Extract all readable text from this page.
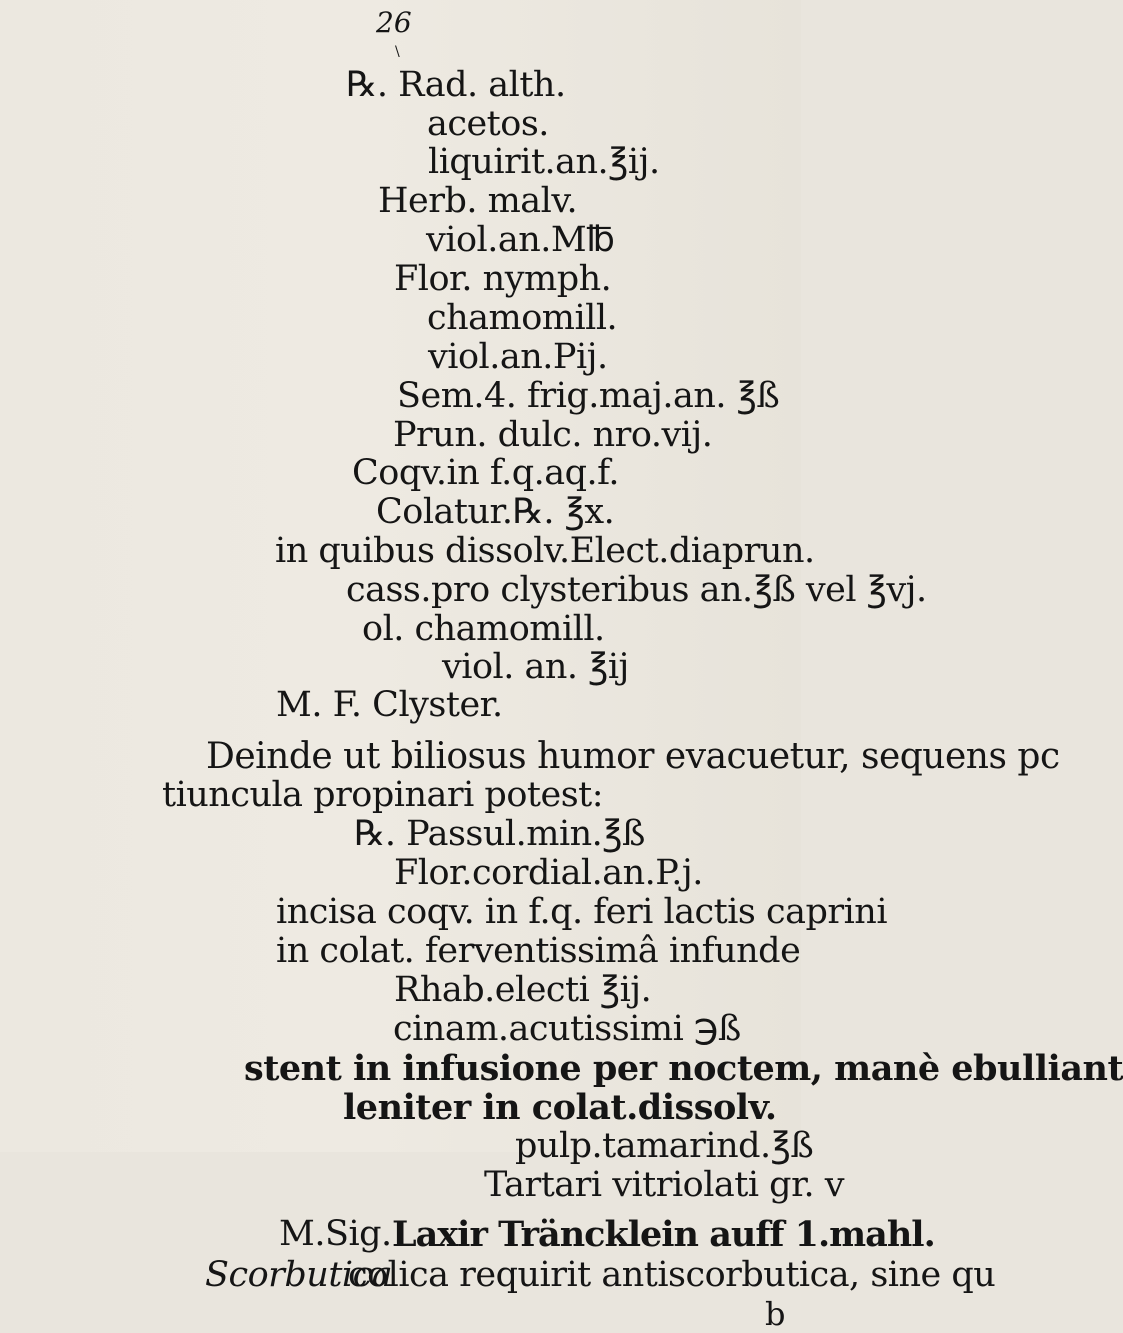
26
\
℞. Rad. alth.
acetos.
liquirit.an.℥ij.
Herb. malv.
viol.an.M℔
Flor. nymph.
chamomill.
viol.an.Pij.
Sem.4. frig.maj.an. ℥ß
Prun. dulc. nro.vij.
Coqv.in f.q.aq.f.
Colatur.℞. ℥x.
in quibus dissolv.Elect.diaprun.
cass.pro clysteribus an.℥ß vel ℥vj.
ol. chamomill.
viol. an. ℥ij
M. F. Clyster.
Deinde ut biliosus humor evacuetur, sequens pc
tiuncula propinari potest:
℞. Passul.min.℥ß
Flor.cordial.an.P.j.
incisa coqv. in f.q. feri lactis caprini
in colat. ferventissimâ infunde
Rhab.electi ℥ij.
cinam.acutissimi ℈ß
stent in infusione per noctem, manè ebulliant
leniter in colat.dissolv.
pulp.tamarind.℥ß
Tartari vitriolati gr. v
M.Sig. Laxir Träncklein auff 1.mahl.
Scorbutica
colica requirit antiscorbutica, sine qu
b
